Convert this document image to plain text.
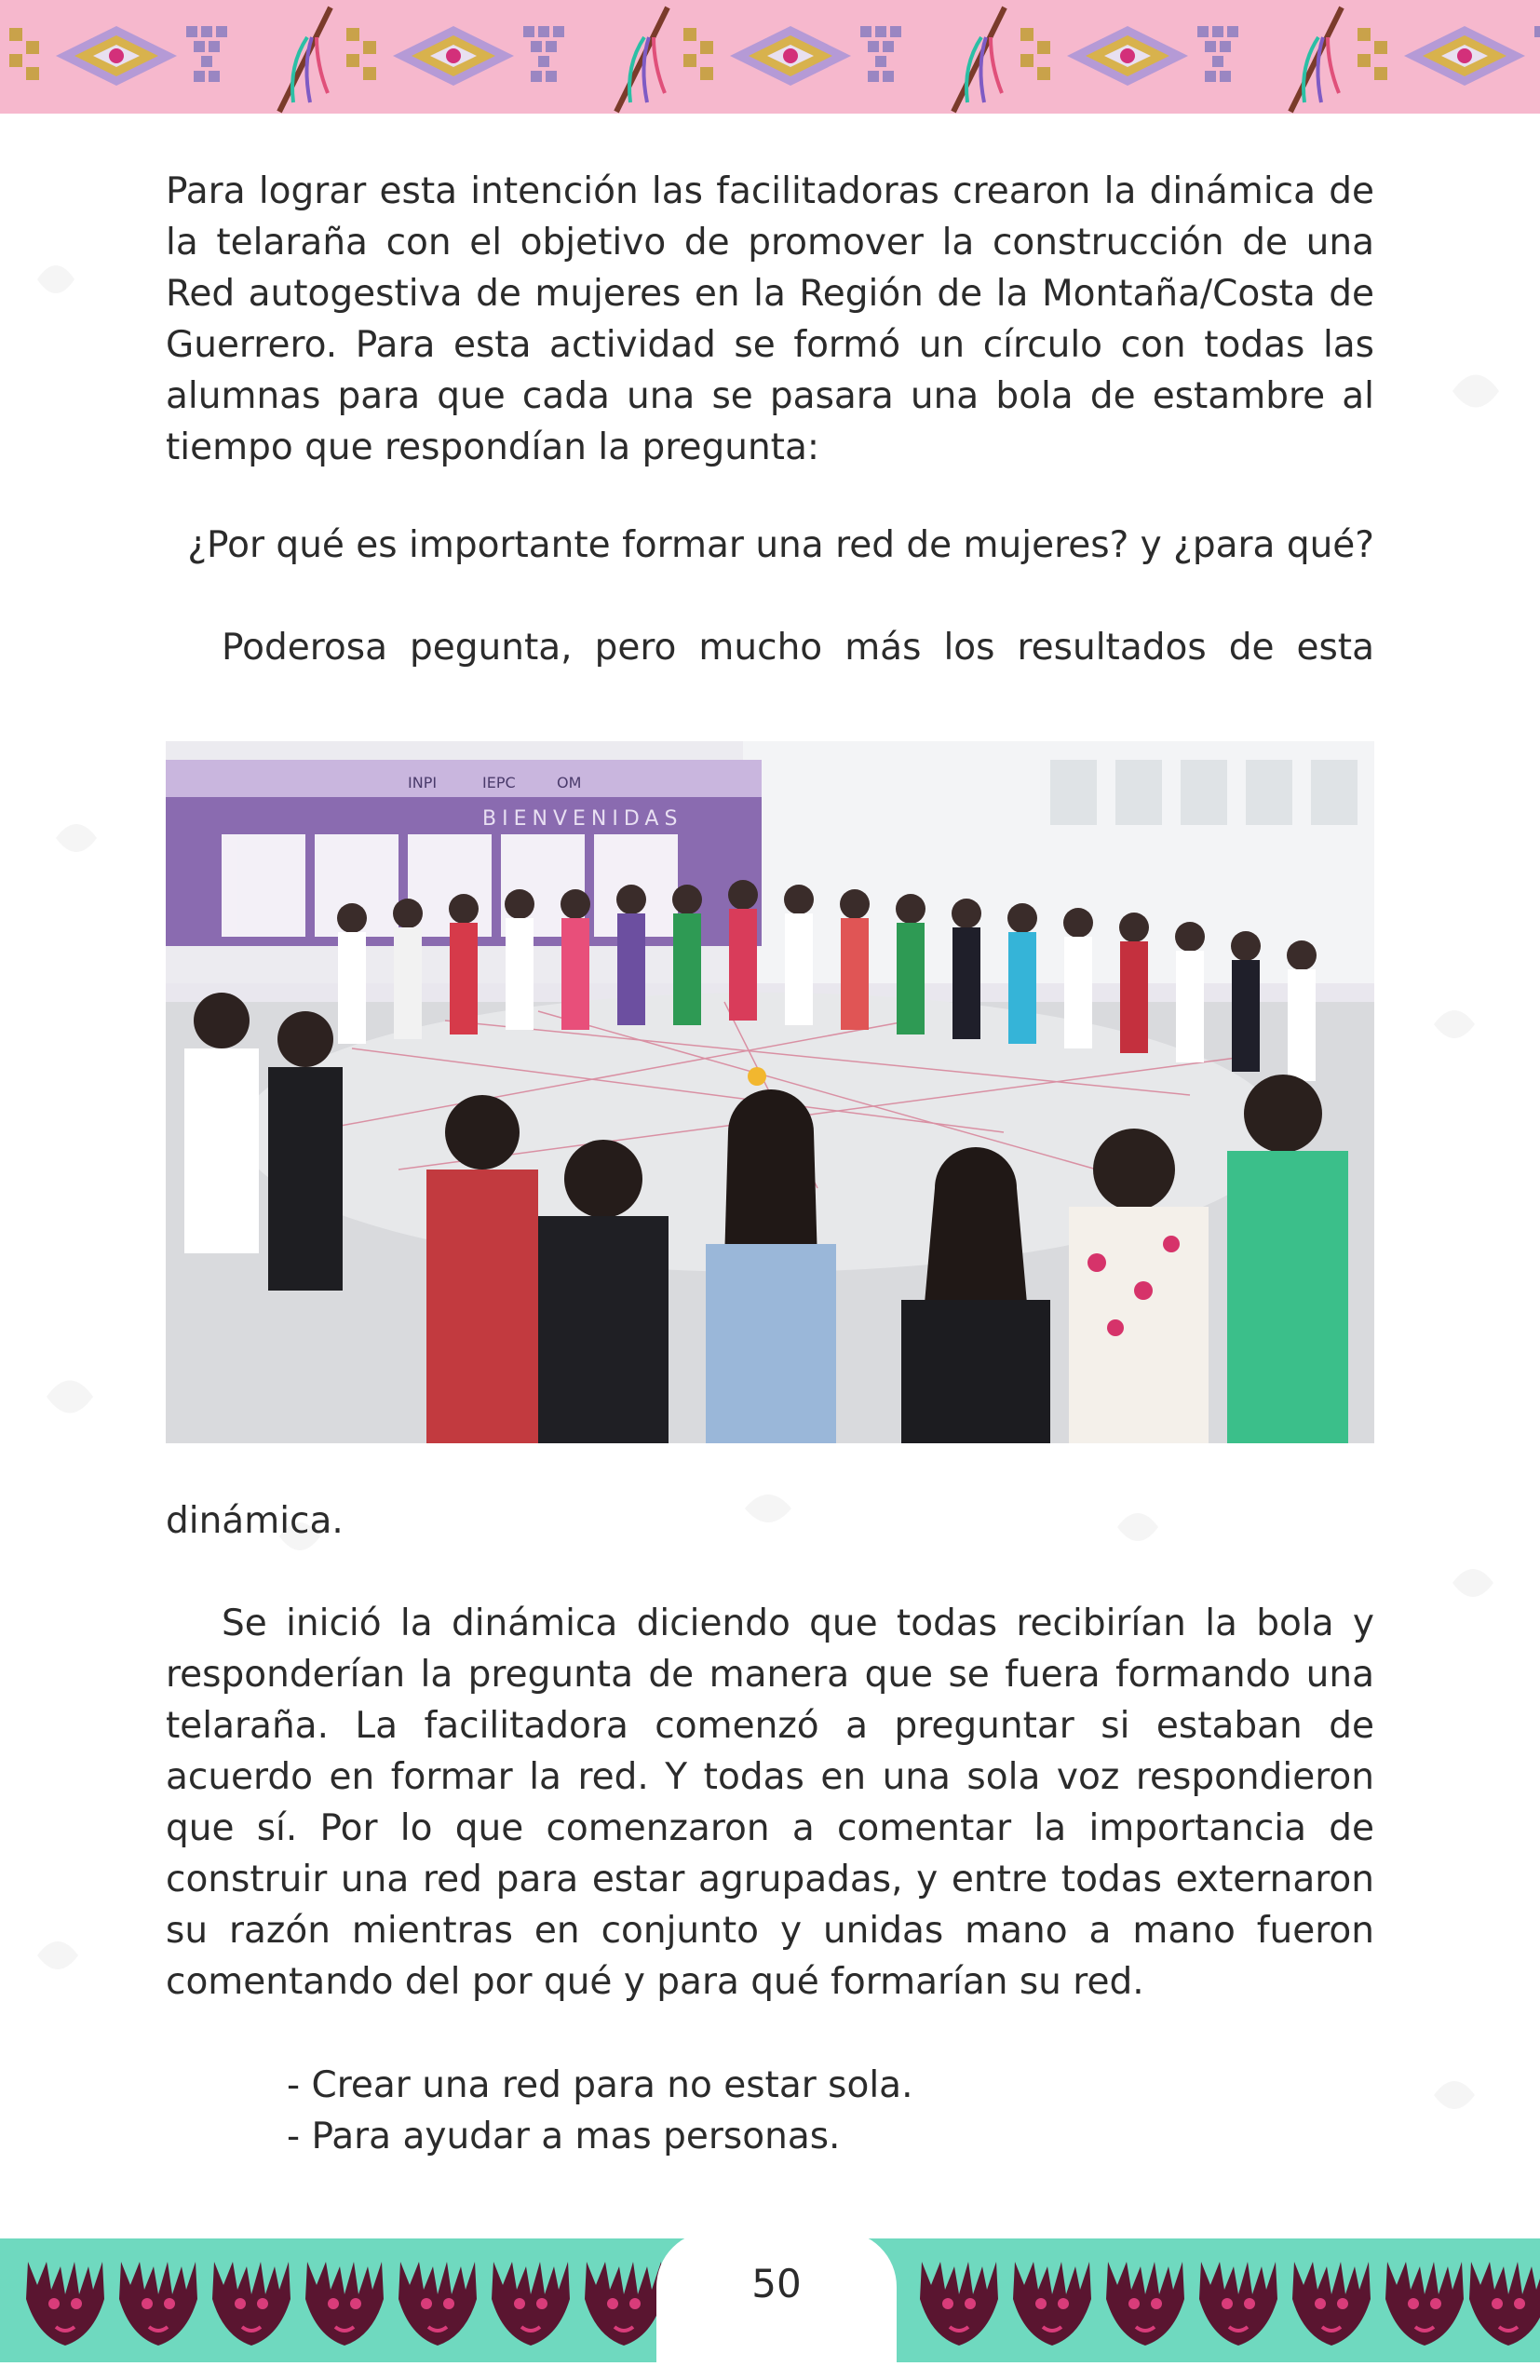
Para lograr esta intención las facilitadoras crearon la dinámica de la telaraña con el objetivo de promover la construcción de una Red autogestiva de mujeres en la Región de la Montaña/Costa de Guerrero. Para esta actividad se formó un círculo con todas las alumnas para que cada una se pasara una bola de estambre al tiempo que respondían la pregunta:

¿Por qué es importante formar una red de mujeres? y ¿para qué?
Poderosa pegunta, pero mucho más los resultados de esta
INPI	IEPC	OM
BIENVENIDAS

dinámica.

Se inició la dinámica diciendo que todas recibirían la bola y responderían la pregunta de manera que se fuera formando una telaraña. La facilitadora comenzó a preguntar si estaban de acuerdo en formar la red. Y todas en una sola voz respondieron que sí. Por lo que comenzaron a comentar la importancia de construir una red para estar agrupadas, y entre todas externaron su razón mientras en conjunto y unidas mano a mano fueron comentando del por qué y para qué formarían su red.

- Crear una red para no estar sola.
- Para ayudar a mas personas.
50
